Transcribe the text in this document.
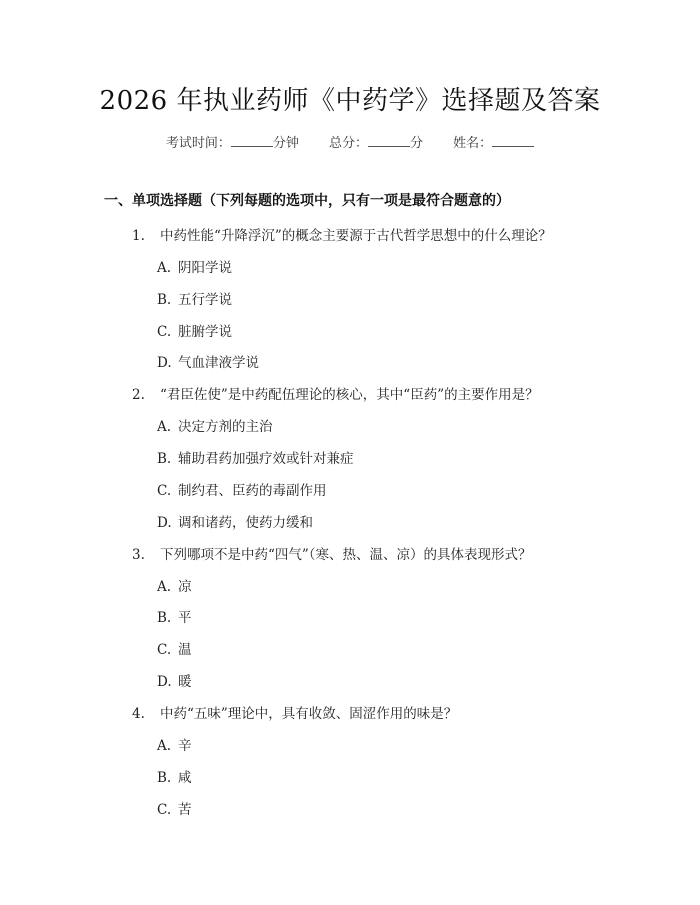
2026 年执业药师《中药学》选择题及答案
考试时间：	分钟 总分：	分 姓名：
一、单项选择题（下列每题的选项中，只有一项是最符合题意的）
1. 中药性能“升降浮沉”的概念主要源于古代哲学思想中的什么理论？
A. 阴阳学说
B. 五行学说
C. 脏腑学说
D. 气血津液学说
2. “君臣佐使”是中药配伍理论的核心，其中“臣药”的主要作用是？
A. 决定方剂的主治
B. 辅助君药加强疗效或针对兼症
C. 制约君、臣药的毒副作用
D. 调和诸药，使药力缓和
3. 下列哪项不是中药“四气”（寒、热、温、凉）的具体表现形式？
A. 凉
B. 平
C. 温
D. 暖
4. 中药“五味”理论中，具有收敛、固涩作用的味是？
A. 辛
B. 咸
C. 苦
